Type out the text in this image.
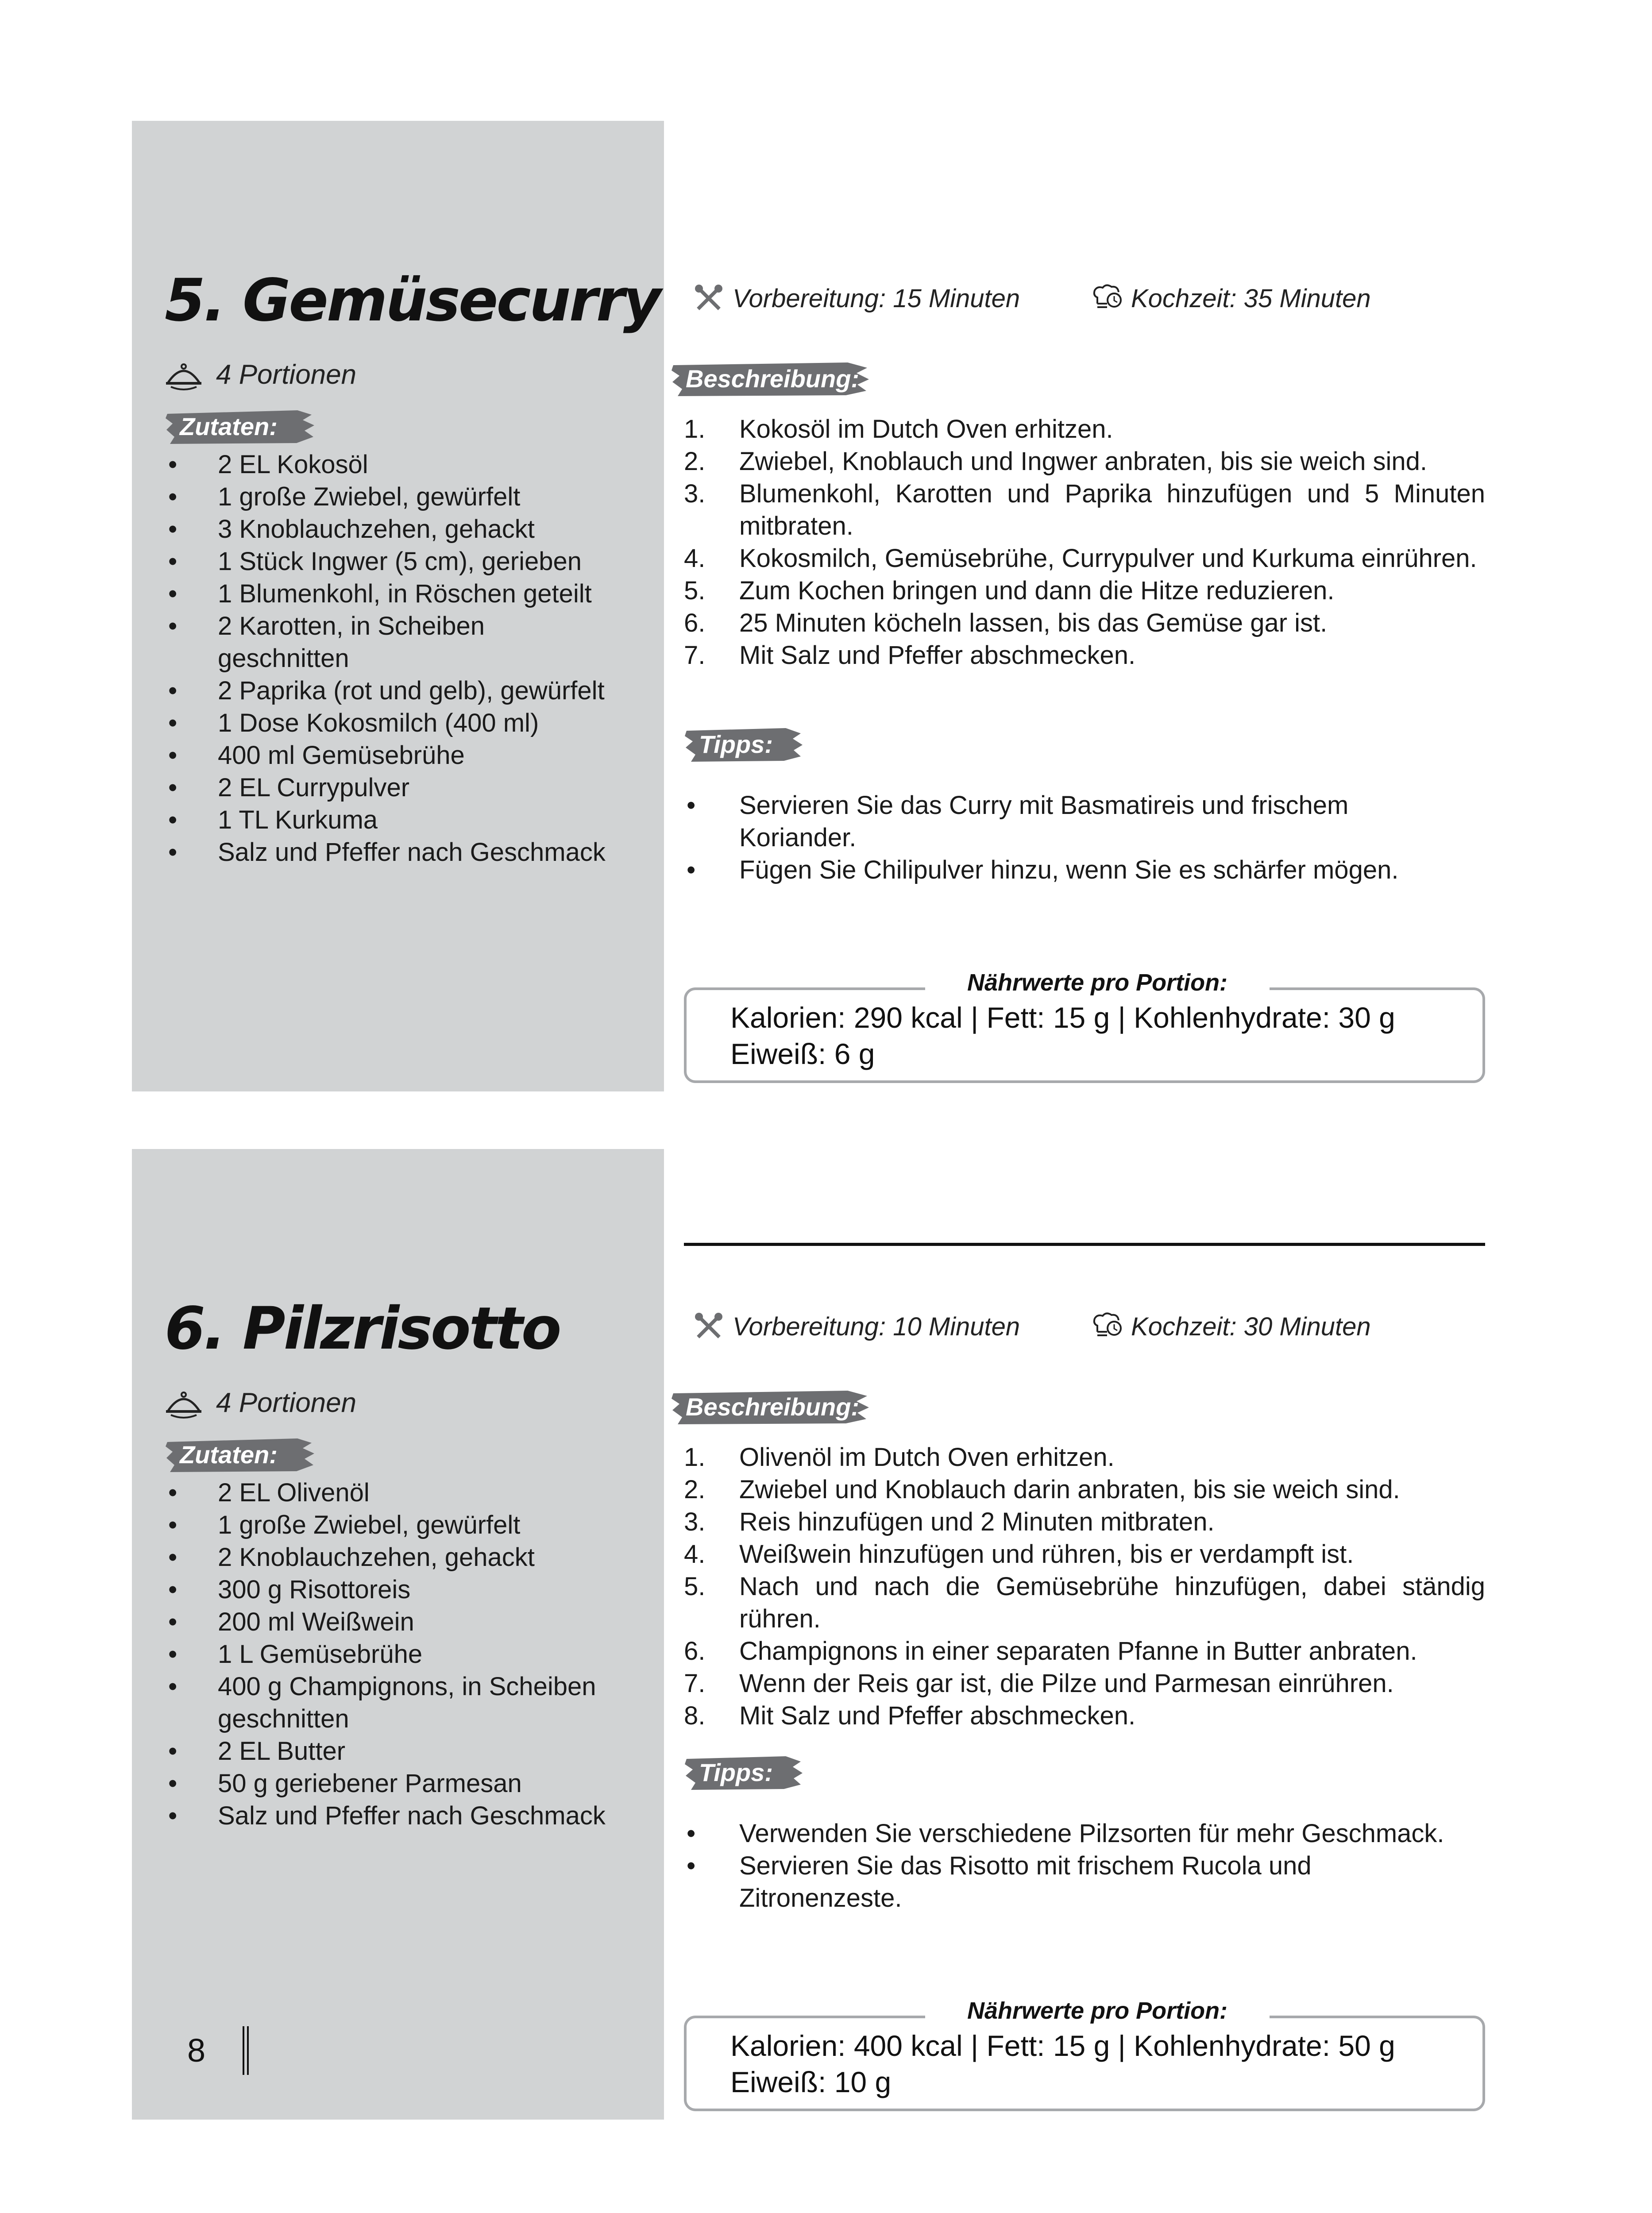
5. Gemüsecurry
4 Portionen
Zutaten:
• 2 EL Kokosöl
• 1 große Zwiebel, gewürfelt
• 3 Knoblauchzehen, gehackt
• 1 Stück Ingwer (5 cm), gerieben
• 1 Blumenkohl, in Röschen geteilt
• 2 Karotten, in Scheiben geschnitten
• 2 Paprika (rot und gelb), gewürfelt
• 1 Dose Kokosmilch (400 ml)
• 400 ml Gemüsebrühe
• 2 EL Currypulver
• 1 TL Kurkuma
• Salz und Pfeffer nach Geschmack
Vorbereitung: 15 Minuten	Kochzeit: 35 Minuten
Beschreibung:
1. Kokosöl im Dutch Oven erhitzen.
2. Zwiebel, Knoblauch und Ingwer anbraten, bis sie weich sind.
3. Blumenkohl, Karotten und Paprika hinzufügen und 5 Minuten mitbraten.
4. Kokosmilch, Gemüsebrühe, Currypulver und Kurkuma einrühren.
5. Zum Kochen bringen und dann die Hitze reduzieren.
6. 25 Minuten köcheln lassen, bis das Gemüse gar ist.
7. Mit Salz und Pfeffer abschmecken.
Tipps:
• Servieren Sie das Curry mit Basmatireis und frischem Koriander.
• Fügen Sie Chilipulver hinzu, wenn Sie es schärfer mögen.
Nährwerte pro Portion:
Kalorien: 290 kcal | Fett: 15 g | Kohlenhydrate: 30 g
Eiweiß: 6 g
6. Pilzrisotto
4 Portionen
Zutaten:
• 2 EL Olivenöl
• 1 große Zwiebel, gewürfelt
• 2 Knoblauchzehen, gehackt
• 300 g Risottoreis
• 200 ml Weißwein
• 1 L Gemüsebrühe
• 400 g Champignons, in Scheiben geschnitten
• 2 EL Butter
• 50 g geriebener Parmesan
• Salz und Pfeffer nach Geschmack
Vorbereitung: 10 Minuten	Kochzeit: 30 Minuten
Beschreibung:
1. Olivenöl im Dutch Oven erhitzen.
2. Zwiebel und Knoblauch darin anbraten, bis sie weich sind.
3. Reis hinzufügen und 2 Minuten mitbraten.
4. Weißwein hinzufügen und rühren, bis er verdampft ist.
5. Nach und nach die Gemüsebrühe hinzufügen, dabei ständig rühren.
6. Champignons in einer separaten Pfanne in Butter anbraten.
7. Wenn der Reis gar ist, die Pilze und Parmesan einrühren.
8. Mit Salz und Pfeffer abschmecken.
Tipps:
• Verwenden Sie verschiedene Pilzsorten für mehr Geschmack.
• Servieren Sie das Risotto mit frischem Rucola und Zitronenzeste.
Nährwerte pro Portion:
Kalorien: 400 kcal | Fett: 15 g | Kohlenhydrate: 50 g
Eiweiß: 10 g
8
